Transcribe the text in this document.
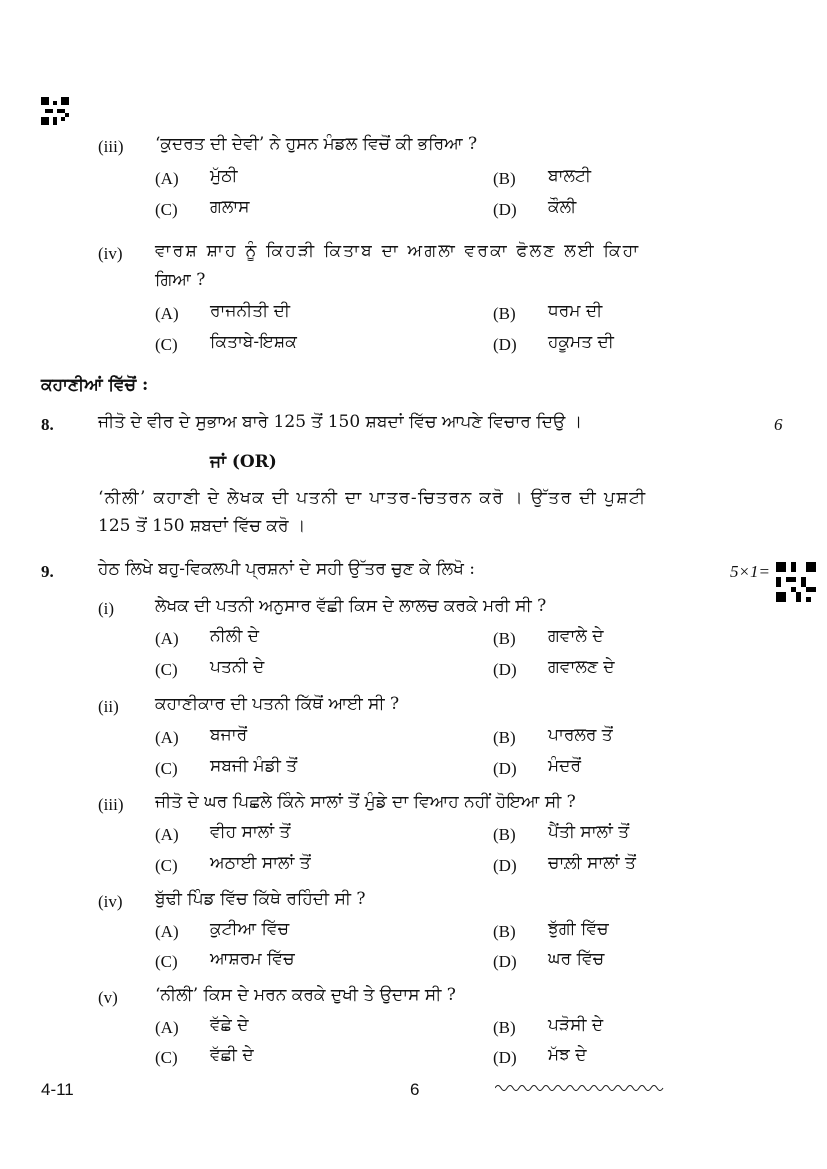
(iii) ‘ਕੁਦਰਤ ਦੀ ਦੇਵੀ’ ਨੇ ਹੁਸਨ ਮੰਡਲ ਵਿਚੋਂ ਕੀ ਭਰਿਆ ?
(A) ਮੁੱਠੀ	(B) ਬਾਲਟੀ
(C) ਗਲਾਸ	(D) ਕੌਲੀ
(iv) ਵਾਰਸ਼ ਸ਼ਾਹ ਨੂੰ ਕਿਹੜੀ ਕਿਤਾਬ ਦਾ ਅਗਲਾ ਵਰਕਾ ਫੋਲਣ ਲਈ ਕਿਹਾ
ਗਿਆ ?
(A) ਰਾਜਨੀਤੀ ਦੀ	(B) ਧਰਮ ਦੀ
(C) ਕਿਤਾਬੇ-ਇਸ਼ਕ	(D) ਹਕੂਮਤ ਦੀ
ਕਹਾਣੀਆਂ ਵਿੱਚੋਂ :
8.	ਜੀਤੋ ਦੇ ਵੀਰ ਦੇ ਸੁਭਾਅ ਬਾਰੇ 125 ਤੋਂ 150 ਸ਼ਬਦਾਂ ਵਿੱਚ ਆਪਣੇ ਵਿਚਾਰ ਦਿਉ ।	6
ਜਾਂ (OR)
‘ਨੀਲੀ’ ਕਹਾਣੀ ਦੇ ਲੇਖਕ ਦੀ ਪਤਨੀ ਦਾ ਪਾਤਰ-ਚਿਤਰਨ ਕਰੋ । ਉੱਤਰ ਦੀ ਪੁਸ਼ਟੀ
125 ਤੋਂ 150 ਸ਼ਬਦਾਂ ਵਿੱਚ ਕਰੋ ।
9.	ਹੇਠ ਲਿਖੇ ਬਹੁ-ਵਿਕਲਪੀ ਪ੍ਰਸ਼ਨਾਂ ਦੇ ਸਹੀ ਉੱਤਰ ਚੁਣ ਕੇ ਲਿਖੋ :	5×1=
(i) ਲੇਖਕ ਦੀ ਪਤਨੀ ਅਨੁਸਾਰ ਵੱਛੀ ਕਿਸ ਦੇ ਲਾਲਚ ਕਰਕੇ ਮਰੀ ਸੀ ?
(A) ਨੀਲੀ ਦੇ	(B) ਗਵਾਲੇ ਦੇ
(C) ਪਤਨੀ ਦੇ	(D) ਗਵਾਲਣ ਦੇ
(ii) ਕਹਾਣੀਕਾਰ ਦੀ ਪਤਨੀ ਕਿੱਥੋਂ ਆਈ ਸੀ ?
(A) ਬਜਾਰੋਂ	(B) ਪਾਰਲਰ ਤੋਂ
(C) ਸਬਜੀ ਮੰਡੀ ਤੋਂ	(D) ਮੰਦਰੋਂ
(iii) ਜੀਤੋ ਦੇ ਘਰ ਪਿਛਲੇ ਕਿੰਨੇ ਸਾਲਾਂ ਤੋਂ ਮੁੰਡੇ ਦਾ ਵਿਆਹ ਨਹੀਂ ਹੋਇਆ ਸੀ ?
(A) ਵੀਹ ਸਾਲਾਂ ਤੋਂ	(B) ਪੈਂਤੀ ਸਾਲਾਂ ਤੋਂ
(C) ਅਠਾਈ ਸਾਲਾਂ ਤੋਂ	(D) ਚਾਲ਼ੀ ਸਾਲਾਂ ਤੋਂ
(iv) ਬੁੱਢੀ ਪਿੰਡ ਵਿੱਚ ਕਿੱਥੇ ਰਹਿੰਦੀ ਸੀ ?
(A) ਕੁਟੀਆ ਵਿੱਚ	(B) ਝੁੱਗੀ ਵਿੱਚ
(C) ਆਸ਼ਰਮ ਵਿੱਚ	(D) ਘਰ ਵਿੱਚ
(v) ‘ਨੀਲੀ’ ਕਿਸ ਦੇ ਮਰਨ ਕਰਕੇ ਦੁਖੀ ਤੇ ਉਦਾਸ ਸੀ ?
(A) ਵੱਛੇ ਦੇ	(B) ਪੜੋਸੀ ਦੇ
(C) ਵੱਛੀ ਦੇ	(D) ਮੱਝ ਦੇ
4-11	6
